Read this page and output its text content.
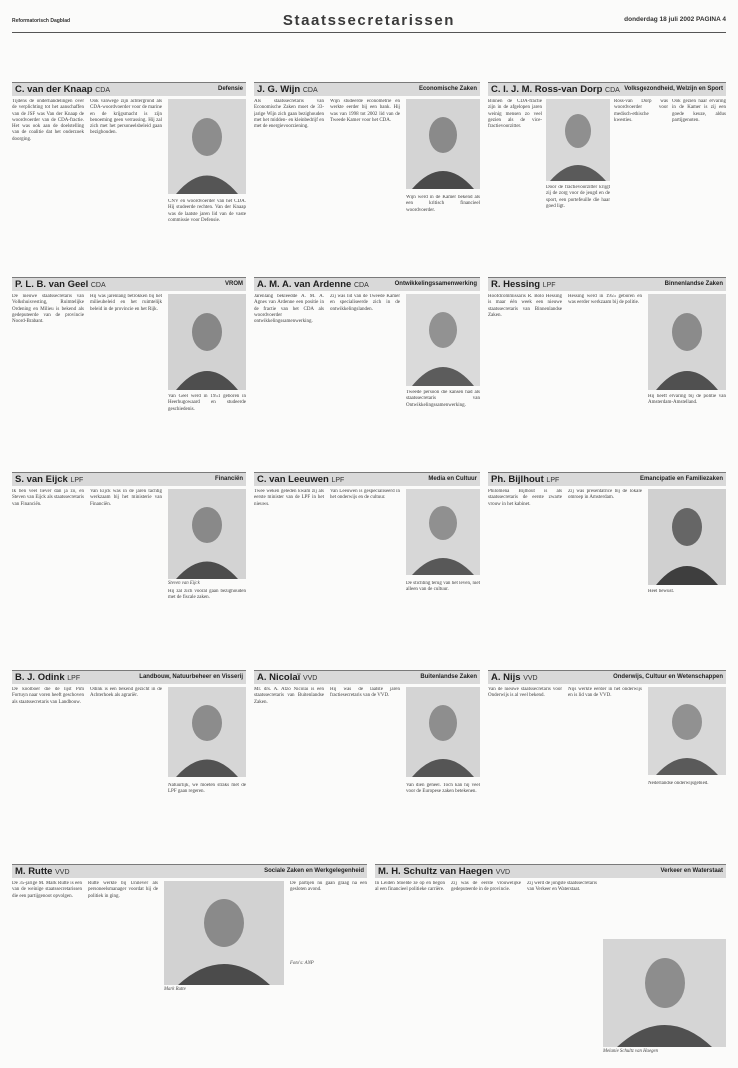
Reformatorisch Dagblad	Staatssecretarissen	donderdag 18 juli 2002 PAGINA 4
C. van der Knaap CDA	Defensie

Tijdens de onderhandelingen over de verplichting tot het aanschaffen van de JSF was Van der Knaap de woordvoerder van de CDA-fractie. Het was ook aan de doelstelling van de coalitie dat het onderzoek doorging.

Ook vanwege zijn achtergrond als CDA-woordvoerder voor de marine en de krijgsmacht is zijn benoeming geen verrassing. Hij zal zich met het personeelsbeleid gaan bezighouden.

CNV en woordvoerder van het CDA. Hij studeerde rechten. Van der Knaap was de laatste jaren lid van de vaste commissie voor Defensie.

J. G. Wijn CDA	Economische Zaken

Als staatssecretaris van Economische Zaken moet de 33-jarige Wijn zich gaan bezighouden met het midden- en kleinbedrijf en met de energievoorziening.

Wijn studeerde econometrie en werkte eerder bij een bank. Hij was van 1998 tot 2002 lid van de Tweede Kamer voor het CDA.

Wijn werd in de Kamer bekend als een kritisch financieel woordvoerder.

C. I. J. M. Ross-van Dorp CDA Volksgezondheid, Welzijn en Sport

Binnen de CDA-fractie zijn in de afgelopen jaren weinig mensen zo veel gezien als de vice-fractievoorzitter.

Door de fractievoorzitter krijgt zij de zorg voor de jeugd en de sport, een portefeuille die haar goed ligt.

Ross-van Dorp was woordvoerder voor medisch-ethische kwesties.

Ook gezien haar ervaring in de Kamer is zij een goede keuze, aldus partijgenoten.

P. L. B. van Geel CDA	VROM

De nieuwe staatssecretaris van Volkshuisvesting, Ruimtelijke Ordening en Milieu is bekend als gedeputeerde van de provincie Noord-Brabant.

Hij was jarenlang betrokken bij het milieubeleid en het ruimtelijk beleid in de provincie en het Rijk.

Van Geel werd in 1951 geboren in Heerhugowaard en studeerde geschiedenis.

A. M. A. van Ardenne CDA	Ontwikkelingssamenwerking

Jarenlang bekleedde A. M. A. Agnes van Ardenne een positie in de fractie van het CDA als woordvoerder ontwikkelingssamenwerking.

Zij was lid van de Tweede Kamer en specialiseerde zich in de ontwikkelingslanden.

Tweede persoon die kansen had als staatssecretaris van Ontwikkelingssamenwerking.

R. Hessing LPF	Binnenlandse Zaken

Hoofdcommissaris R. Bolo Hessing is maar één week een nieuwe staatssecretaris van Binnenlandse Zaken.

Hessing werd in 1955 geboren en was eerder werkzaam bij de politie.

Hij heeft ervaring bij de politie van Amsterdam-Amstelland.

S. van Eijck LPF	Financiën

Ik ben veel liever dan ja zo, en Steven van Eijck als staatssecretaris van Financiën.

Van Eijck was in de jaren tachtig werkzaam bij het ministerie van Financiën.

Steven van Eijck

Hij zal zich vooral gaan bezighouden met de fiscale zaken.

C. van Leeuwen LPF	Media en Cultuur

Twee weken geleden kwam zij als eerste minister van de LPF in het nieuws.

Van Leeuwen is gespecialiseerd in het onderwijs en de cultuur.

De stichting terug van het leven, niet alleen van de cultuur.

Ph. Bijlhout LPF	Emancipatie en Familiezaken

Philomena Bijlhout is als staatssecretaris de eerste zwarte vrouw in het kabinet.

Zij was presentatrice bij de lokale omroep in Amsterdam.

Heel bewust.

B. J. Odink LPF	Landbouw, Natuurbeheer en Visserij

De koolboer die de lijst Pim Fortuyn naar voren heeft geschoven als staatssecretaris van Landbouw.

Odink is een bekend gezicht in de Achterhoek als agrariër.

Natuurlijk, we moeten straks met de LPF gaan regeren.

A. Nicolaï VVD	Buitenlandse Zaken

Mr. drs. A. Atzo Nicolaï is een staatssecretaris van Buitenlandse Zaken.

Hij was de laatste jaren fractiesecretaris van de VVD.

Van dien geheel. Toch kan hij veel voor de Europese zaken betekenen.

A. Nijs VVD	Onderwijs, Cultuur en Wetenschappen

Van de nieuwe staatssecretaris voor Onderwijs is al veel bekend.

Nijs werkte eerder in het onderwijs en is lid van de VVD.

Nederlandse onderwijsgebied.

M. Rutte VVD	Sociale Zaken en Werkgelegenheid

De 35-jarige M. Mark Rutte is een van de weinige staatssecretarissen die een partijgenoot opvolgen.

Rutte werkte bij Unilever als personeelsmanager voordat hij de politiek in ging.

Mark Rutte

De partijen nu gaan graag na een gesloten avond.

Foto's: ANP
M. H. Schultz van Haegen VVD	Verkeer en Waterstaat

In Leiden Stoelde ze op en begon al een financieel politieke carrière.

Zij was de eerste vrouwelijke gedeputeerde in de provincie.

Zij werd de jongste staatssecretaris van Verkeer en Waterstaat.

Melanie Schultz van Haegen
